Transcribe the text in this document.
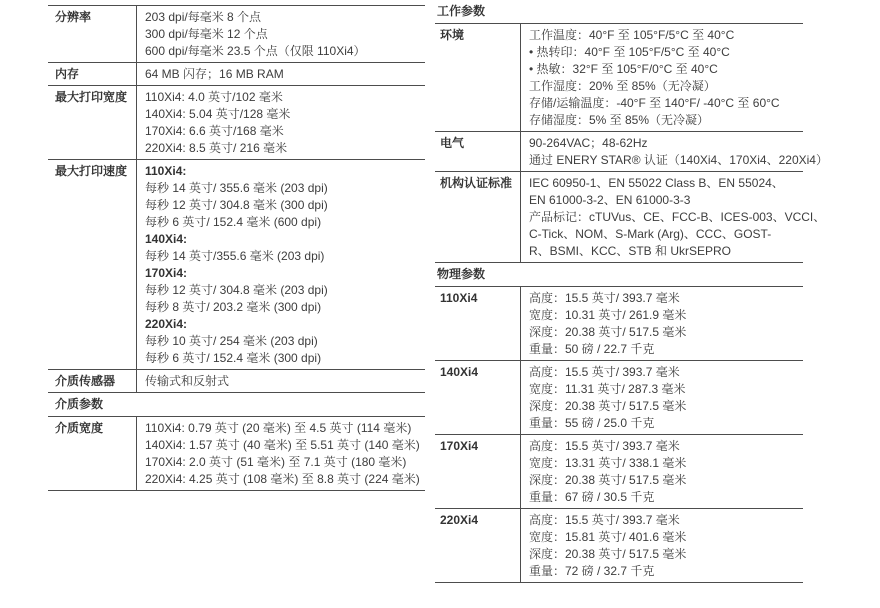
分辨率	203 dpi/每毫米 8 个点
300 dpi/每毫米 12 个点
600 dpi/每毫米 23.5 个点（仅限 110Xi4）
内存	64 MB 闪存；16 MB RAM
最大打印宽度	110Xi4: 4.0 英寸/102 毫米
140Xi4: 5.04 英寸/128 毫米
170Xi4: 6.6 英寸/168 毫米
220Xi4: 8.5 英寸/ 216 毫米
最大打印速度	110Xi4:
每秒 14 英寸/ 355.6 毫米 (203 dpi)
每秒 12 英寸/ 304.8 毫米 (300 dpi)
每秒 6 英寸/ 152.4 毫米 (600 dpi)
140Xi4:
每秒 14 英寸/355.6 毫米 (203 dpi)
170Xi4:
每秒 12 英寸/ 304.8 毫米 (203 dpi)
每秒 8 英寸/ 203.2 毫米 (300 dpi)
220Xi4:
每秒 10 英寸/ 254 毫米 (203 dpi)
每秒 6 英寸/ 152.4 毫米 (300 dpi)
介质传感器	传输式和反射式
介质参数
介质宽度	110Xi4: 0.79 英寸 (20 毫米) 至 4.5 英寸 (114 毫米)
140Xi4: 1.57 英寸 (40 毫米) 至 5.51 英寸 (140 毫米)
170Xi4: 2.0 英寸 (51 毫米) 至 7.1 英寸 (180 毫米)
220Xi4: 4.25 英寸 (108 毫米) 至 8.8 英寸 (224 毫米)
工作参数
环境	工作温度：40°F 至 105°F/5°C 至 40°C
• 热转印：40°F 至 105°F/5°C 至 40°C
• 热敏：32°F 至 105°F/0°C 至 40°C
工作湿度：20% 至 85%（无冷凝）
存储/运输温度：-40°F 至 140°F/ -40°C 至 60°C
存储湿度：5% 至 85%（无冷凝）
电气	90-264VAC；48-62Hz
通过 ENERY STAR® 认证（140Xi4、170Xi4、220Xi4）
机构认证标准	IEC 60950-1、EN 55022 Class B、EN 55024、
EN 61000-3-2、EN 61000-3-3
产品标记：cTUVus、CE、FCC-B、ICES-003、VCCI、
C-Tick、NOM、S-Mark (Arg)、CCC、GOST-
R、BSMI、KCC、STB 和 UkrSEPRO
物理参数
110Xi4	高度：15.5 英寸/ 393.7 毫米
宽度：10.31 英寸/ 261.9 毫米
深度：20.38 英寸/ 517.5 毫米
重量：50 磅 / 22.7 千克
140Xi4	高度：15.5 英寸/ 393.7 毫米
宽度：11.31 英寸/ 287.3 毫米
深度：20.38 英寸/ 517.5 毫米
重量：55 磅 / 25.0 千克
170Xi4	高度：15.5 英寸/ 393.7 毫米
宽度：13.31 英寸/ 338.1 毫米
深度：20.38 英寸/ 517.5 毫米
重量：67 磅 / 30.5 千克
220Xi4	高度：15.5 英寸/ 393.7 毫米
宽度：15.81 英寸/ 401.6 毫米
深度：20.38 英寸/ 517.5 毫米
重量：72 磅 / 32.7 千克
